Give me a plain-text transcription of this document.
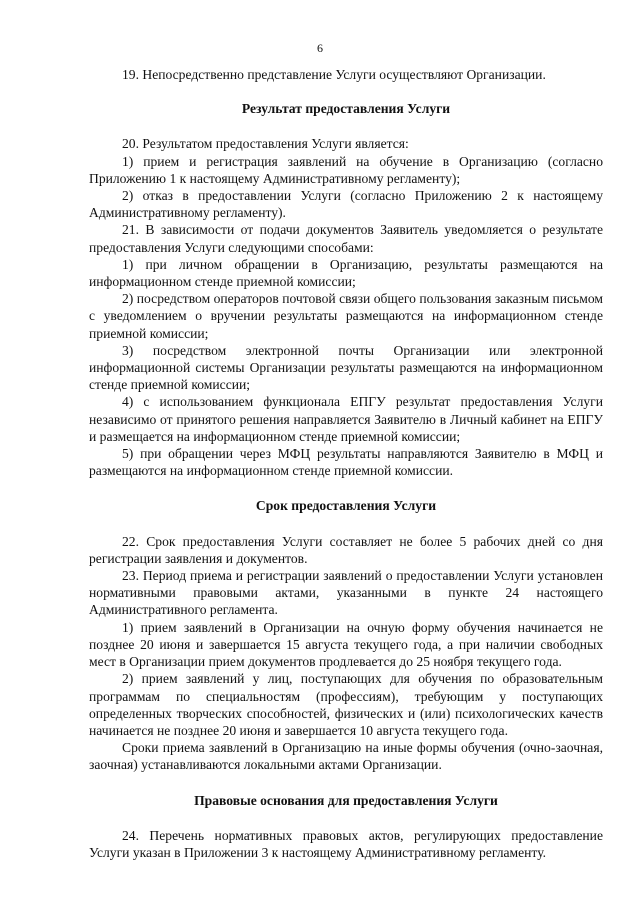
6

19. Непосредственно представление Услуги осуществляют Организации.

Результат предоставления Услуги

20. Результатом предоставления Услуги является:

1) прием и регистрация заявлений на обучение в Организацию (согласно Приложению 1 к настоящему Административному регламенту);

2) отказ в предоставлении Услуги (согласно Приложению 2 к настоящему Административному регламенту).

21. В зависимости от подачи документов Заявитель уведомляется о результате предоставления Услуги следующими способами:

1) при личном обращении в Организацию, результаты размещаются на информационном стенде приемной комиссии;

2) посредством операторов почтовой связи общего пользования заказным письмом с уведомлением о вручении результаты размещаются на информационном стенде приемной комиссии;

3) посредством электронной почты Организации или электронной информационной системы Организации результаты размещаются на информационном стенде приемной комиссии;

4) с использованием функционала ЕПГУ результат предоставления Услуги независимо от принятого решения направляется Заявителю в Личный кабинет на ЕПГУ и размещается на информационном стенде приемной комиссии;

5) при обращении через МФЦ результаты направляются Заявителю в МФЦ и размещаются на информационном стенде приемной комиссии.

Срок предоставления Услуги

22. Срок предоставления Услуги составляет не более 5 рабочих дней со дня регистрации заявления и документов.

23. Период приема и регистрации заявлений о предоставлении Услуги установлен нормативными правовыми актами, указанными в пункте 24 настоящего Административного регламента.

1) прием заявлений в Организации на очную форму обучения начинается не позднее 20 июня и завершается 15 августа текущего года, а при наличии свободных мест в Организации прием документов продлевается до 25 ноября текущего года.

2) прием заявлений у лиц, поступающих для обучения по образовательным программам по специальностям (профессиям), требующим у поступающих определенных творческих способностей, физических и (или) психологических качеств начинается не позднее 20 июня и завершается 10 августа текущего года.

Сроки приема заявлений в Организацию на иные формы обучения (очно-заочная, заочная) устанавливаются локальными актами Организации.

Правовые основания для предоставления Услуги

24. Перечень нормативных правовых актов, регулирующих предоставление Услуги указан в Приложении 3 к настоящему Административному регламенту.
